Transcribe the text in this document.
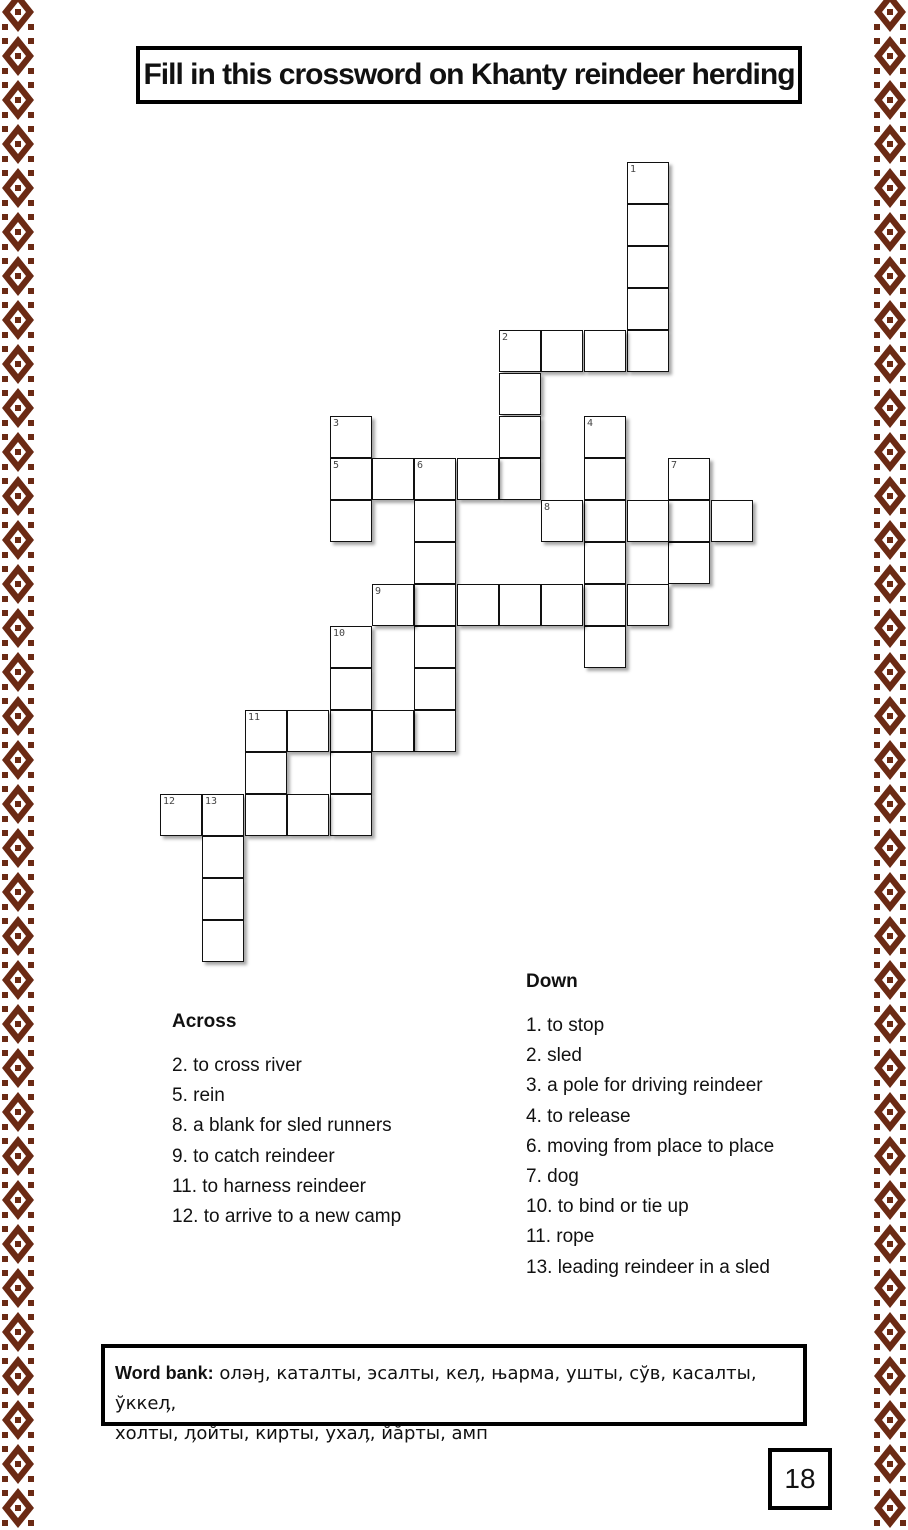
Fill in this crossword on Khanty reindeer herding
1
2
3
5	6
4
7
8
9
10
11
12	13
Across
2. to cross river
5. rein
8. a blank for sled runners
9. to catch reindeer
11. to harness reindeer
12. to arrive to a new camp
Down
1. to stop
2. sled
3. a pole for driving reindeer
4. to release
6. moving from place to place
7. dog
10. to bind or tie up
11. rope
13. leading reindeer in a sled
Word bank: олəӈ, каталты, эсалты, кеӆ, њарма, ушты, сўв, касалты, ўккеӆ,
холты, ӆойты, кирты, ухаӆ, йăрты, амп
18
